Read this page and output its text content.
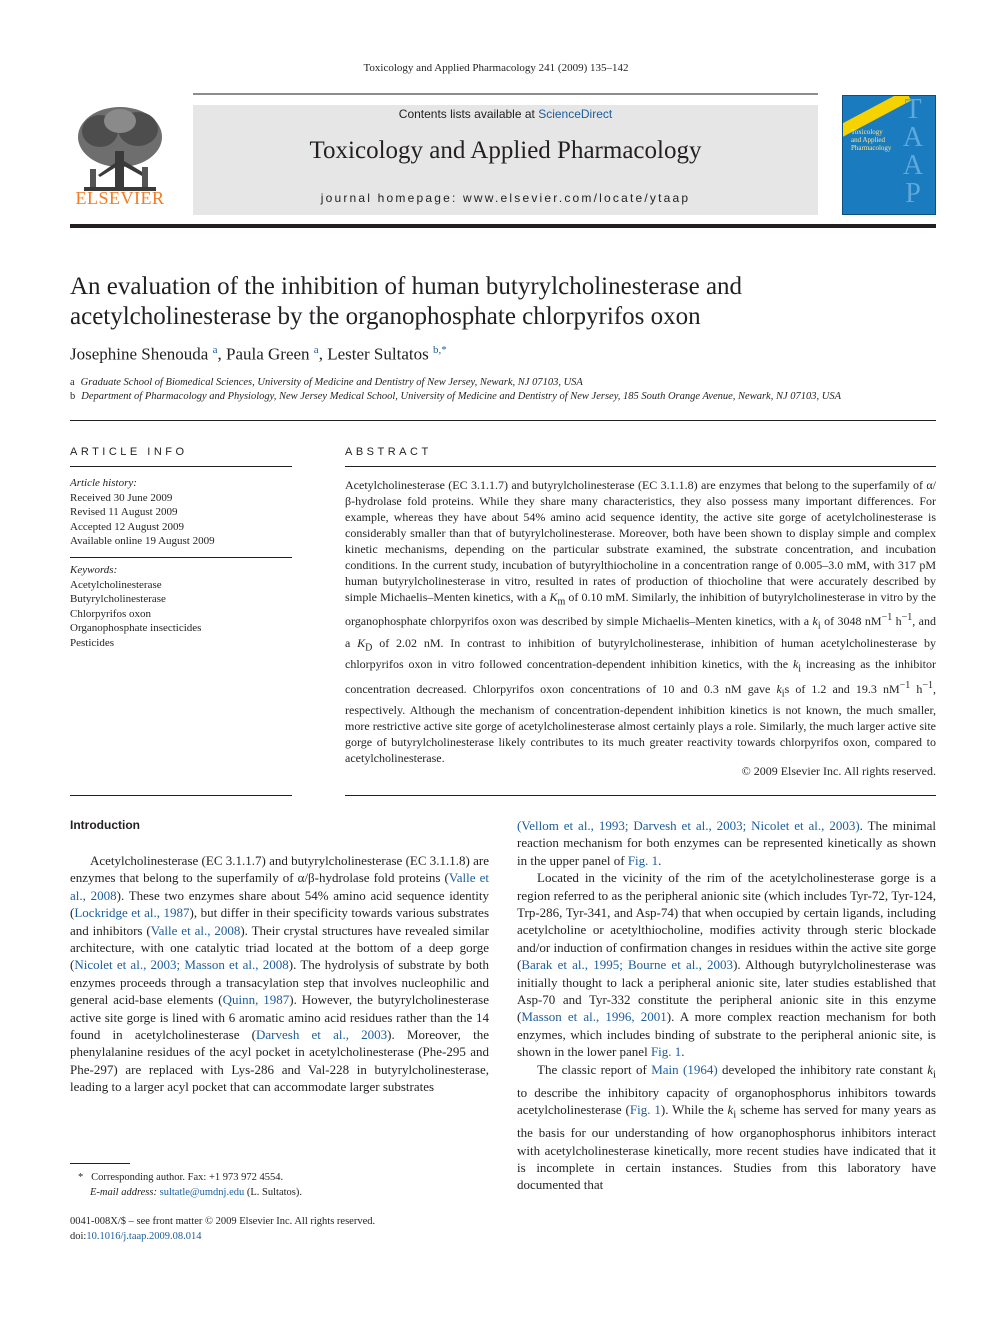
Toxicology and Applied Pharmacology 241 (2009) 135–142
ELSEVIER
Contents lists available at ScienceDirect
Toxicology and Applied Pharmacology
journal homepage: www.elsevier.com/locate/ytaap
Toxicology and Applied Pharmacology
T
A
A
P
An evaluation of the inhibition of human butyrylcholinesterase and
acetylcholinesterase by the organophosphate chlorpyrifos oxon
Josephine Shenouda $^a$, Paula Green $^a$, Lester Sultatos $^{b,*}$
a Graduate School of Biomedical Sciences, University of Medicine and Dentistry of New Jersey, Newark, NJ 07103, USA
b Department of Pharmacology and Physiology, New Jersey Medical School, University of Medicine and Dentistry of New Jersey, 185 South Orange Avenue, Newark, NJ 07103, USA
ARTICLE INFO	ABSTRACT
Article history:
Received 30 June 2009
Revised 11 August 2009
Accepted 12 August 2009
Available online 19 August 2009
Keywords:
Acetylcholinesterase
Butyrylcholinesterase
Chlorpyrifos oxon
Organophosphate insecticides
Pesticides
Acetylcholinesterase (EC 3.1.1.7) and butyrylcholinesterase (EC 3.1.1.8) are enzymes that belong to the superfamily of α/β-hydrolase fold proteins. While they share many characteristics, they also possess many important differences. For example, whereas they have about 54% amino acid sequence identity, the active site gorge of acetylcholinesterase is considerably smaller than that of butyrylcholinesterase. Moreover, both have been shown to display simple and complex kinetic mechanisms, depending on the particular substrate examined, the substrate concentration, and incubation conditions. In the current study, incubation of butyrylthiocholine in a concentration range of 0.005–3.0 mM, with 317 pM human butyrylcholinesterase in vitro, resulted in rates of production of thiocholine that were accurately described by simple Michaelis–Menten kinetics, with a $K_m$ of 0.10 mM. Similarly, the inhibition of butyrylcholinesterase in vitro by the organophosphate chlorpyrifos oxon was described by simple Michaelis–Menten kinetics, with a $k_i$ of 3048 $nM^{-1}$ $h^{-1}$, and a $K_D$ of 2.02 nM. In contrast to inhibition of butyrylcholinesterase, inhibition of human acetylcholinesterase by chlorpyrifos oxon in vitro followed concentration-dependent inhibition kinetics, with the $k_i$ increasing as the inhibitor concentration decreased. Chlorpyrifos oxon concentrations of 10 and 0.3 nM gave $k_is$ of 1.2 and 19.3 $nM^{-1}$ $h^{-1}$, respectively. Although the mechanism of concentration-dependent inhibition kinetics is not known, the much smaller, more restrictive active site gorge of acetylcholinesterase almost certainly plays a role. Similarly, the much larger active site gorge of butyrylcholinesterase likely contributes to its much greater reactivity towards chlorpyrifos oxon, compared to acetylcholinesterase.
© 2009 Elsevier Inc. All rights reserved.
Introduction

Acetylcholinesterase (EC 3.1.1.7) and butyrylcholinesterase (EC 3.1.1.8) are enzymes that belong to the superfamily of α/β-hydrolase fold proteins (Valle et al., 2008). These two enzymes share about 54% amino acid sequence identity (Lockridge et al., 1987), but differ in their specificity towards various substrates and inhibitors (Valle et al., 2008). Their crystal structures have revealed similar architecture, with one catalytic triad located at the bottom of a deep gorge (Nicolet et al., 2003; Masson et al., 2008). The hydrolysis of substrate by both enzymes proceeds through a transacylation step that involves nucleophilic and general acid-base elements (Quinn, 1987). However, the butyrylcholinesterase active site gorge is lined with 6 aromatic amino acid residues rather than the 14 found in acetylcholinesterase (Darvesh et al., 2003). Moreover, the phenylalanine residues of the acyl pocket in acetylcholinesterase (Phe-295 and Phe-297) are replaced with Lys-286 and Val-228 in butyrylcholinesterase, leading to a larger acyl pocket that can accommodate larger substrates

(Vellom et al., 1993; Darvesh et al., 2003; Nicolet et al., 2003). The minimal reaction mechanism for both enzymes can be represented kinetically as shown in the upper panel of Fig. 1.

Located in the vicinity of the rim of the acetylcholinesterase gorge is a region referred to as the peripheral anionic site (which includes Tyr-72, Tyr-124, Trp-286, Tyr-341, and Asp-74) that when occupied by certain ligands, including acetylcholine or acetylthiocholine, modifies activity through steric blockade and/or induction of confirmation changes in residues within the active site gorge (Barak et al., 1995; Bourne et al., 2003). Although butyrylcholinesterase was initially thought to lack a peripheral anionic site, later studies established that Asp-70 and Tyr-332 constitute the peripheral anionic site in this enzyme (Masson et al., 1996, 2001). A more complex reaction mechanism for both enzymes, which includes binding of substrate to the peripheral anionic site, is shown in the lower panel Fig. 1.

The classic report of Main (1964) developed the inhibitory rate constant $k_i$ to describe the inhibitory capacity of organophosphorus inhibitors towards acetylcholinesterase (Fig. 1). While the $k_i$ scheme has served for many years as the basis for our understanding of how organophosphorus inhibitors interact with acetylcholinesterase kinetically, more recent studies have indicated that it is incomplete in certain instances. Studies from this laboratory have documented that

* Corresponding author. Fax: +1 973 972 4554.
E-mail address: sultatle@umdnj.edu (L. Sultatos).
0041-008X/$ – see front matter © 2009 Elsevier Inc. All rights reserved.
doi:10.1016/j.taap.2009.08.014
